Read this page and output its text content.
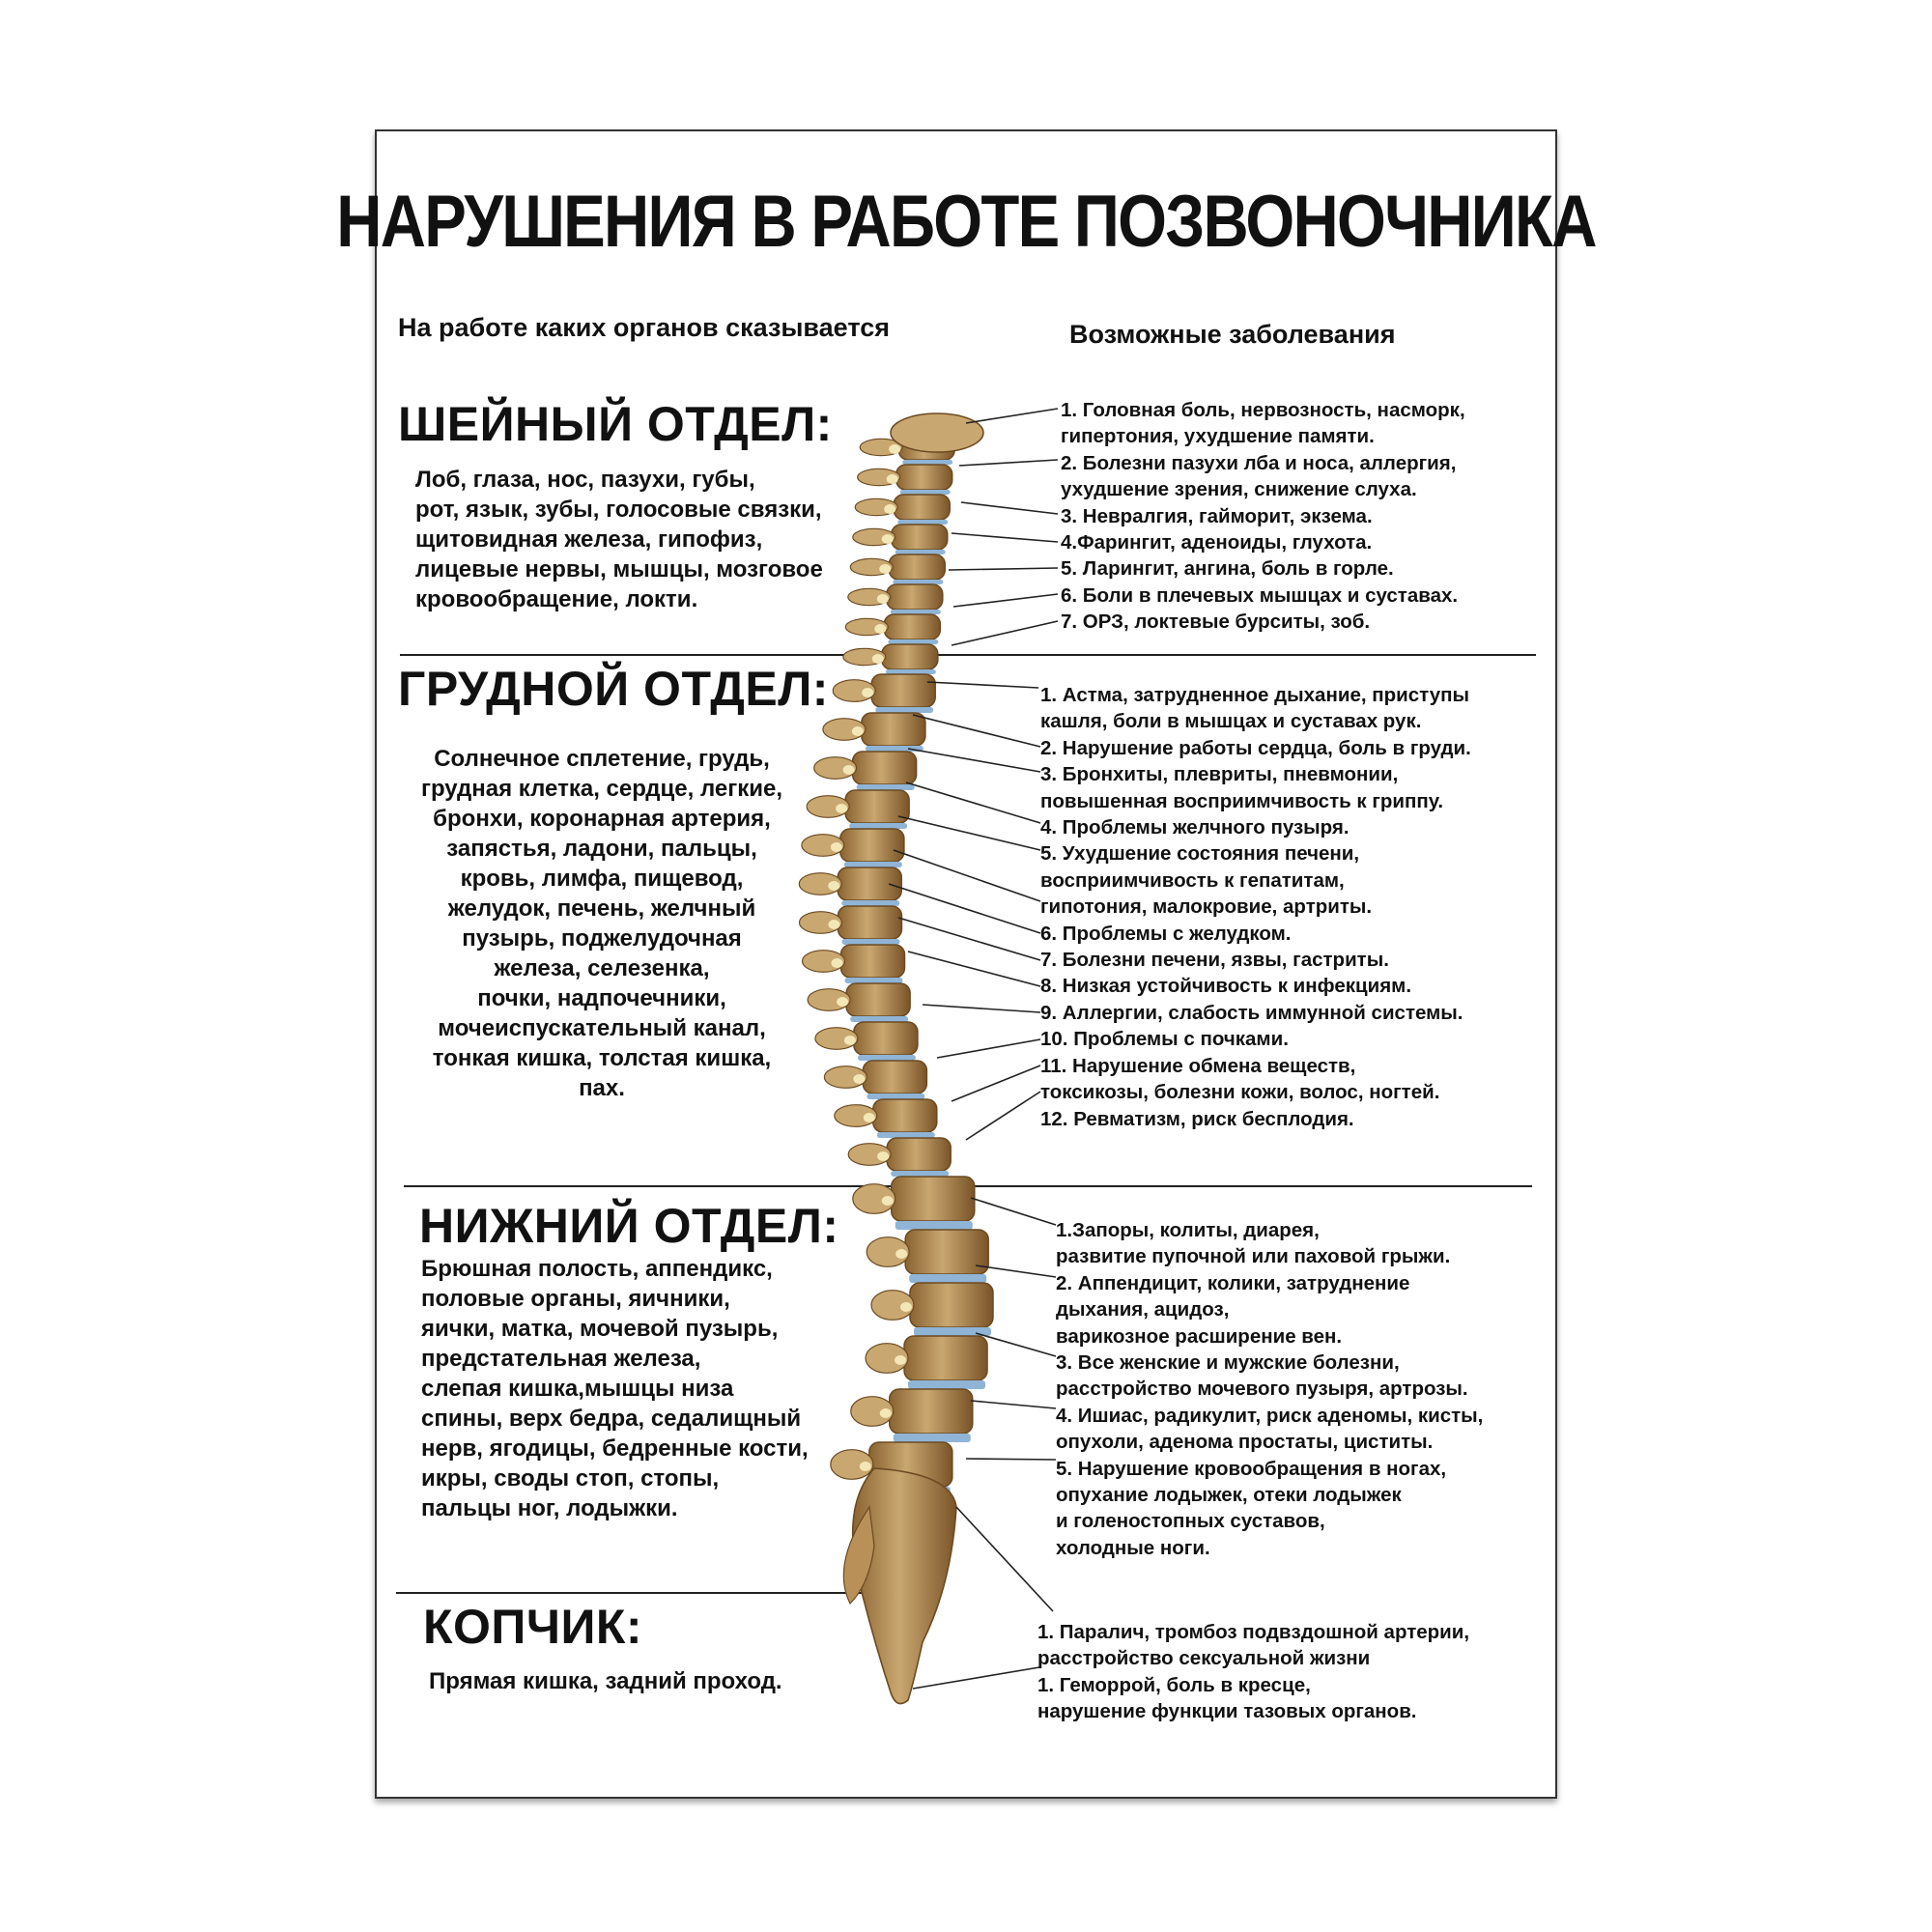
НАРУШЕНИЯ В РАБОТЕ ПОЗВОНОЧНИКА
На работе каких органов сказывается	Возможные заболевания
ШЕЙНЫЙ ОТДЕЛ:
Лоб, глаза, нос, пазухи, губы,
рот, язык, зубы, голосовые связки,
щитовидная железа, гипофиз,
лицевые нервы, мышцы, мозговое
кровообращение, локти.
1. Головная боль, нервозность, насморк,
гипертония, ухудшение памяти.
2. Болезни пазухи лба и носа, аллергия,
ухудшение зрения, снижение слуха.
3. Невралгия, гайморит, экзема.
4.Фарингит, аденоиды, глухота.
5. Ларингит, ангина, боль в горле.
6. Боли в плечевых мышцах и суставах.
7. ОРЗ, локтевые бурситы, зоб.
ГРУДНОЙ ОТДЕЛ:
Солнечное сплетение, грудь,
грудная клетка, сердце, легкие,
бронхи, коронарная артерия,
запястья, ладони, пальцы,
кровь, лимфа, пищевод,
желудок, печень, желчный
пузырь, поджелудочная
железа, селезенка,
почки, надпочечники,
мочеиспускательный канал,
тонкая кишка, толстая кишка,
пах.
1. Астма, затрудненное дыхание, приступы
кашля, боли в мышцах и суставах рук.
2. Нарушение работы сердца, боль в груди.
3. Бронхиты, плевриты, пневмонии,
повышенная восприимчивость к гриппу.
4. Проблемы желчного пузыря.
5. Ухудшение состояния печени,
восприимчивость к гепатитам,
гипотония, малокровие, артриты.
6. Проблемы с желудком.
7. Болезни печени, язвы, гастриты.
8. Низкая устойчивость к инфекциям.
9. Аллергии, слабость иммунной системы.
10. Проблемы с почками.
11. Нарушение обмена веществ,
токсикозы, болезни кожи, волос, ногтей.
12. Ревматизм, риск бесплодия.
НИЖНИЙ ОТДЕЛ:
Брюшная полость, аппендикс,
половые органы, яичники,
яички, матка, мочевой пузырь,
предстательная железа,
слепая кишка,мышцы низа
спины, верх бедра, седалищный
нерв, ягодицы, бедренные кости,
икры, своды стоп, стопы,
пальцы ног, лодыжки.
1.Запоры, колиты, диарея,
развитие пупочной или паховой грыжи.
2. Аппендицит, колики, затруднение
дыхания, ацидоз,
варикозное расширение вен.
3. Все женские и мужские болезни,
расстройство мочевого пузыря, артрозы.
4. Ишиас, радикулит, риск аденомы, кисты,
опухоли, аденома простаты, циститы.
5. Нарушение кровообращения в ногах,
опухание лодыжек, отеки лодыжек
и голеностопных суставов,
холодные ноги.
КОПЧИК:
Прямая кишка, задний проход.
1. Паралич, тромбоз подвздошной артерии,
расстройство сексуальной жизни
1. Геморрой, боль в кресце,
нарушение функции тазовых органов.
